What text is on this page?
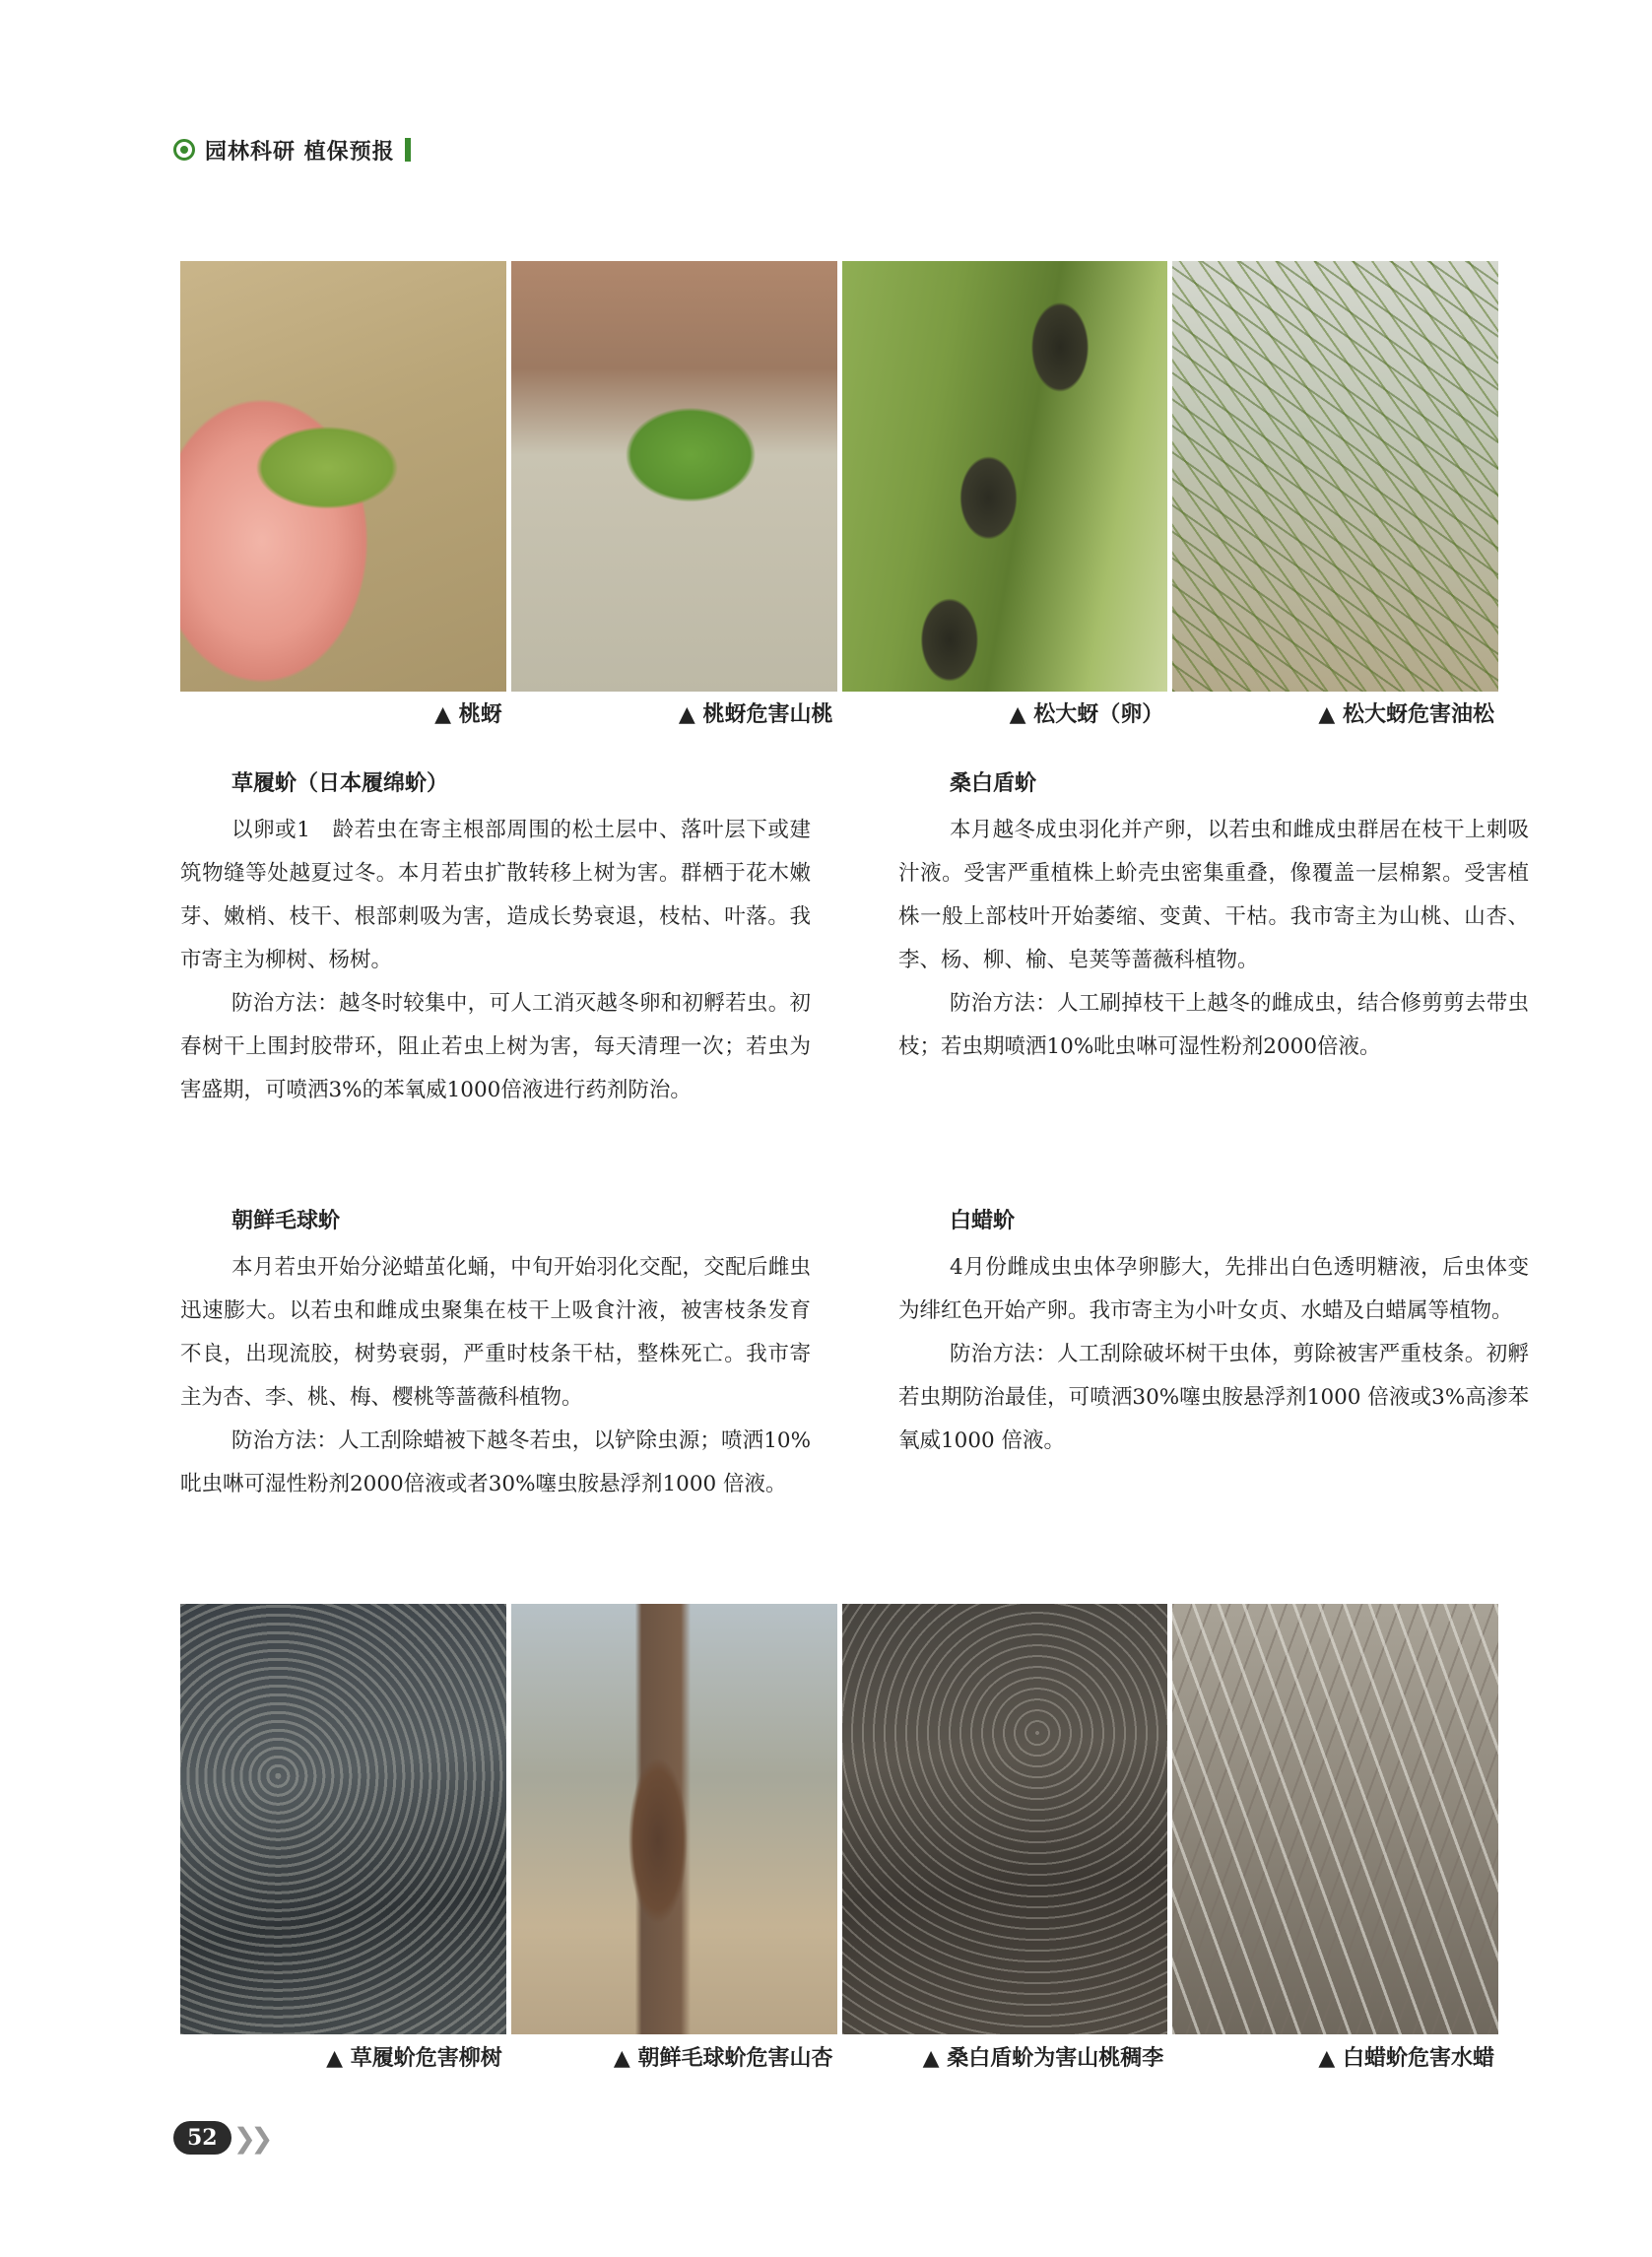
园林科研 植保预报
▲ 桃蚜	▲ 桃蚜危害山桃	▲ 松大蚜（卵）	▲ 松大蚜危害油松
草履蚧（日本履绵蚧）

以卵或1　龄若虫在寄主根部周围的松土层中、落叶层下或建筑物缝等处越夏过冬。本月若虫扩散转移上树为害。群栖于花木嫩芽、嫩梢、枝干、根部刺吸为害，造成长势衰退，枝枯、叶落。我市寄主为柳树、杨树。

防治方法：越冬时较集中，可人工消灭越冬卵和初孵若虫。初春树干上围封胶带环，阻止若虫上树为害，每天清理一次；若虫为害盛期，可喷洒3%的苯氧威1000倍液进行药剂防治。

桑白盾蚧

本月越冬成虫羽化并产卵，以若虫和雌成虫群居在枝干上刺吸汁液。受害严重植株上蚧壳虫密集重叠，像覆盖一层棉絮。受害植株一般上部枝叶开始萎缩、变黄、干枯。我市寄主为山桃、山杏、李、杨、柳、榆、皂荚等蔷薇科植物。

防治方法：人工刷掉枝干上越冬的雌成虫，结合修剪剪去带虫枝；若虫期喷洒10%吡虫啉可湿性粉剂2000倍液。

朝鲜毛球蚧

本月若虫开始分泌蜡茧化蛹，中旬开始羽化交配，交配后雌虫迅速膨大。以若虫和雌成虫聚集在枝干上吸食汁液，被害枝条发育不良，出现流胶，树势衰弱，严重时枝条干枯，整株死亡。我市寄主为杏、李、桃、梅、樱桃等蔷薇科植物。

防治方法：人工刮除蜡被下越冬若虫，以铲除虫源；喷洒10%吡虫啉可湿性粉剂2000倍液或者30%噻虫胺悬浮剂1000 倍液。

白蜡蚧

4月份雌成虫虫体孕卵膨大，先排出白色透明糖液，后虫体变为绯红色开始产卵。我市寄主为小叶女贞、水蜡及白蜡属等植物。

防治方法：人工刮除破坏树干虫体，剪除被害严重枝条。初孵若虫期防治最佳，可喷洒30%噻虫胺悬浮剂1000 倍液或3%高渗苯氧威1000 倍液。

▲ 草履蚧危害柳树	▲ 朝鲜毛球蚧危害山杏	▲ 桑白盾蚧为害山桃稠李	▲ 白蜡蚧危害水蜡
52 ❯❯
